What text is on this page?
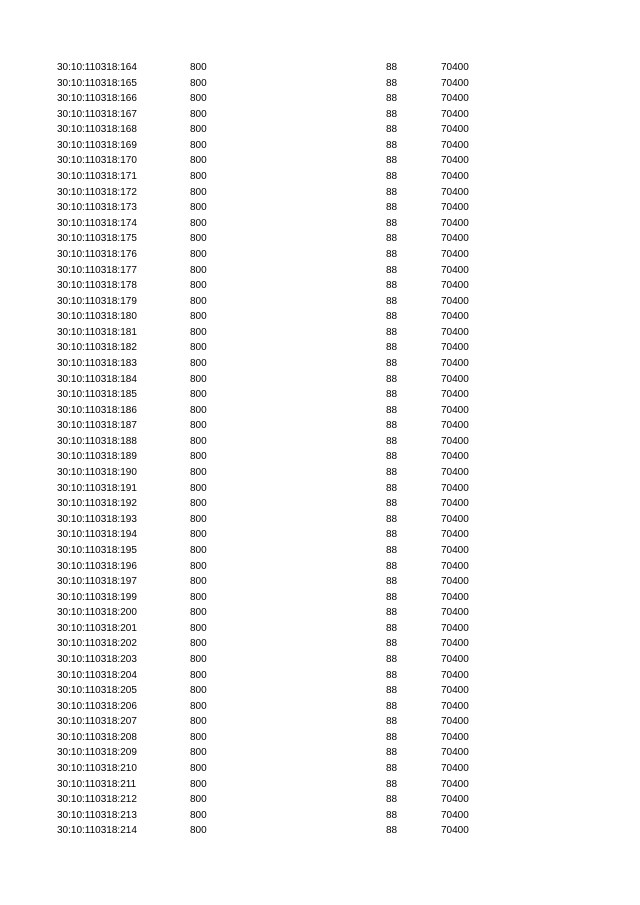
30:10:110318:164	800	88	70400
30:10:110318:165	800	88	70400
30:10:110318:166	800	88	70400
30:10:110318:167	800	88	70400
30:10:110318:168	800	88	70400
30:10:110318:169	800	88	70400
30:10:110318:170	800	88	70400
30:10:110318:171	800	88	70400
30:10:110318:172	800	88	70400
30:10:110318:173	800	88	70400
30:10:110318:174	800	88	70400
30:10:110318:175	800	88	70400
30:10:110318:176	800	88	70400
30:10:110318:177	800	88	70400
30:10:110318:178	800	88	70400
30:10:110318:179	800	88	70400
30:10:110318:180	800	88	70400
30:10:110318:181	800	88	70400
30:10:110318:182	800	88	70400
30:10:110318:183	800	88	70400
30:10:110318:184	800	88	70400
30:10:110318:185	800	88	70400
30:10:110318:186	800	88	70400
30:10:110318:187	800	88	70400
30:10:110318:188	800	88	70400
30:10:110318:189	800	88	70400
30:10:110318:190	800	88	70400
30:10:110318:191	800	88	70400
30:10:110318:192	800	88	70400
30:10:110318:193	800	88	70400
30:10:110318:194	800	88	70400
30:10:110318:195	800	88	70400
30:10:110318:196	800	88	70400
30:10:110318:197	800	88	70400
30:10:110318:199	800	88	70400
30:10:110318:200	800	88	70400
30:10:110318:201	800	88	70400
30:10:110318:202	800	88	70400
30:10:110318:203	800	88	70400
30:10:110318:204	800	88	70400
30:10:110318:205	800	88	70400
30:10:110318:206	800	88	70400
30:10:110318:207	800	88	70400
30:10:110318:208	800	88	70400
30:10:110318:209	800	88	70400
30:10:110318:210	800	88	70400
30:10:110318:211	800	88	70400
30:10:110318:212	800	88	70400
30:10:110318:213	800	88	70400
30:10:110318:214	800	88	70400
